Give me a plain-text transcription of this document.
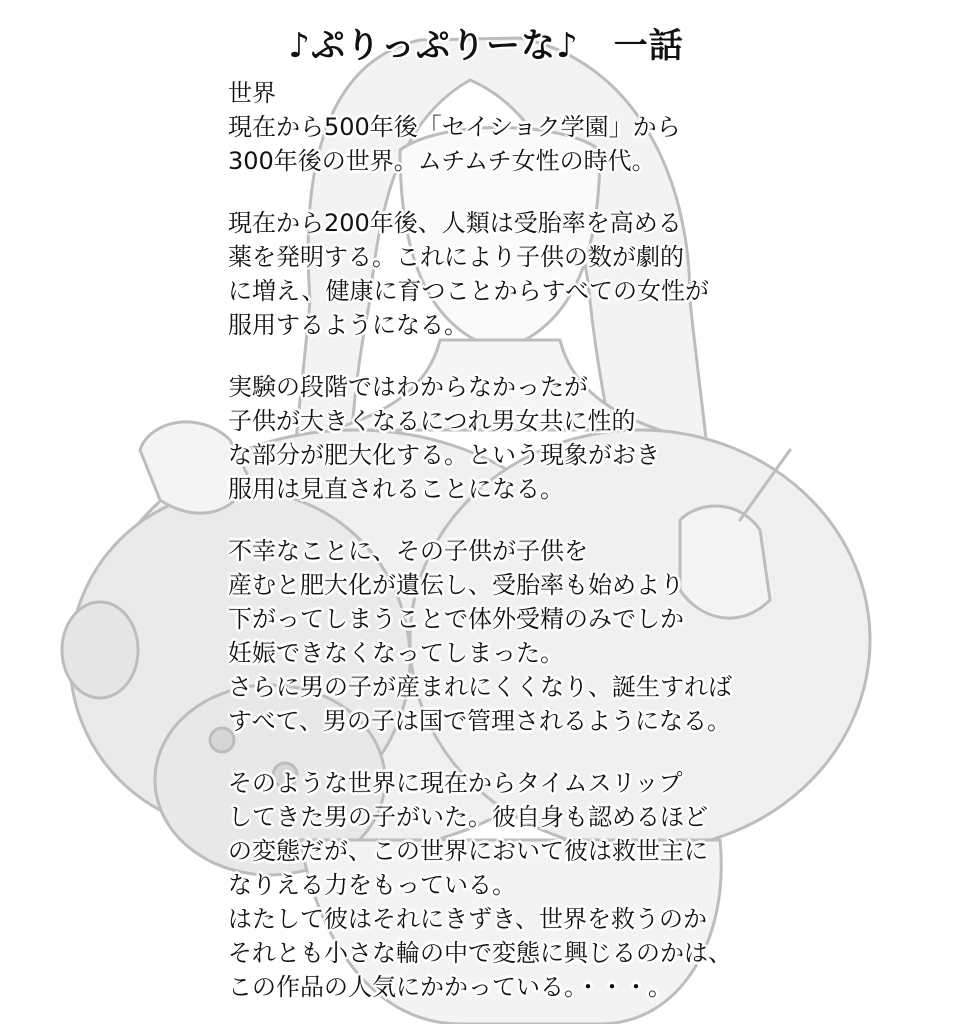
♪ぷりっぷりーな♪　一話
世界
現在から500年後「セイショク学園」から
300年後の世界。ムチムチ女性の時代。
現在から200年後、人類は受胎率を高める
薬を発明する。これにより子供の数が劇的
に増え、健康に育つことからすべての女性が
服用するようになる。
実験の段階ではわからなかったが
子供が大きくなるにつれ男女共に性的
な部分が肥大化する。という現象がおき
服用は見直されることになる。
不幸なことに、その子供が子供を
産むと肥大化が遺伝し、受胎率も始めより
下がってしまうことで体外受精のみでしか
妊娠できなくなってしまった。
さらに男の子が産まれにくくなり、誕生すれば
すべて、男の子は国で管理されるようになる。
そのような世界に現在からタイムスリップ
してきた男の子がいた。彼自身も認めるほど
の変態だが、この世界において彼は救世主に
なりえる力をもっている。
はたして彼はそれにきずき、世界を救うのか
それとも小さな輪の中で変態に興じるのかは、
この作品の人気にかかっている。・・・。
